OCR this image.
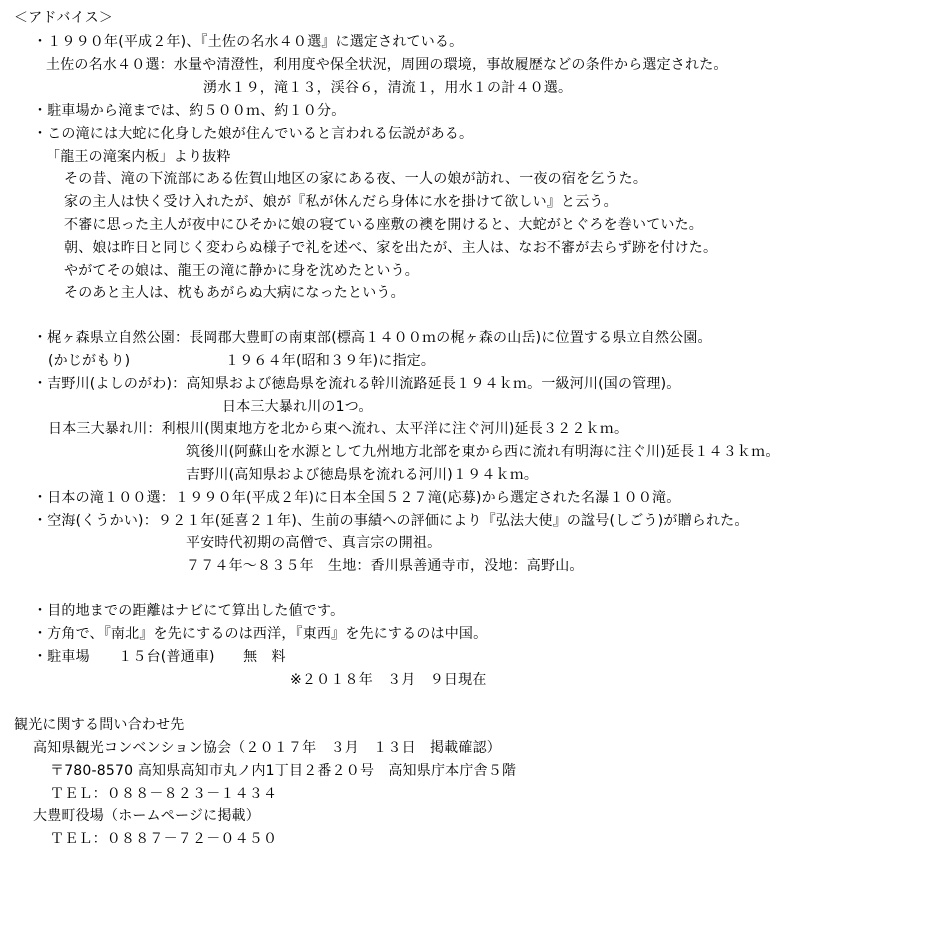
＜アドバイス＞
・１９９０年(平成２年)、『土佐の名水４０選』に選定されている。
土佐の名水４０選：水量や清澄性，利用度や保全状況，周囲の環境，事故履歴などの条件から選定された。
湧水１９，滝１３，渓谷６，清流１，用水１の計４０選。
・駐車場から滝までは、約５００ｍ、約１０分。
・この滝には大蛇に化身した娘が住んでいると言われる伝説がある。
「龍王の滝案内板」より抜粋
その昔、滝の下流部にある佐賀山地区の家にある夜、一人の娘が訪れ、一夜の宿を乞うた。
家の主人は快く受け入れたが、娘が『私が休んだら身体に水を掛けて欲しい』と云う。
不審に思った主人が夜中にひそかに娘の寝ている座敷の襖を開けると、大蛇がとぐろを巻いていた。
朝、娘は昨日と同じく変わらぬ様子で礼を述べ、家を出たが、主人は、なお不審が去らず跡を付けた。
やがてその娘は、龍王の滝に静かに身を沈めたという。
そのあと主人は、枕もあがらぬ大病になったという。
・梶ヶ森県立自然公園：長岡郡大豊町の南東部(標高１４００ｍの梶ヶ森の山岳)に位置する県立自然公園。
(かじがもり)	１９６４年(昭和３９年)に指定。
・吉野川(よしのがわ)：高知県および徳島県を流れる幹川流路延長１９４ｋｍ。一級河川(国の管理)。
日本三大暴れ川の1つ。
日本三大暴れ川：利根川(関東地方を北から東へ流れ、太平洋に注ぐ河川)延長３２２ｋｍ。
筑後川(阿蘇山を水源として九州地方北部を東から西に流れ有明海に注ぐ川)延長１４３ｋｍ。
吉野川(高知県および徳島県を流れる河川)１９４ｋｍ。
・日本の滝１００選：１９９０年(平成２年)に日本全国５２７滝(応募)から選定された名瀑１００滝。
・空海(くうかい)：９２１年(延喜２１年)、生前の事績への評価により『弘法大使』の諡号(しごう)が贈られた。
平安時代初期の高僧で、真言宗の開祖。
７７４年～８３５年　生地：香川県善通寺市，没地：高野山。
・目的地までの距離はナビにて算出した値です。
・方角で、『南北』を先にするのは西洋，『東西』を先にするのは中国。
・駐車場　　１５台(普通車)　　無　料
※２０１８年　３月　９日現在
観光に関する問い合わせ先
高知県観光コンベンション協会（２０１７年　３月　１３日　掲載確認）
〒780-8570 高知県高知市丸ノ内1丁目２番２０号　高知県庁本庁舎５階
ＴＥＬ：０８８－８２３－１４３４
大豊町役場（ホームページに掲載）
ＴＥＬ：０８８７－７２－０４５０
